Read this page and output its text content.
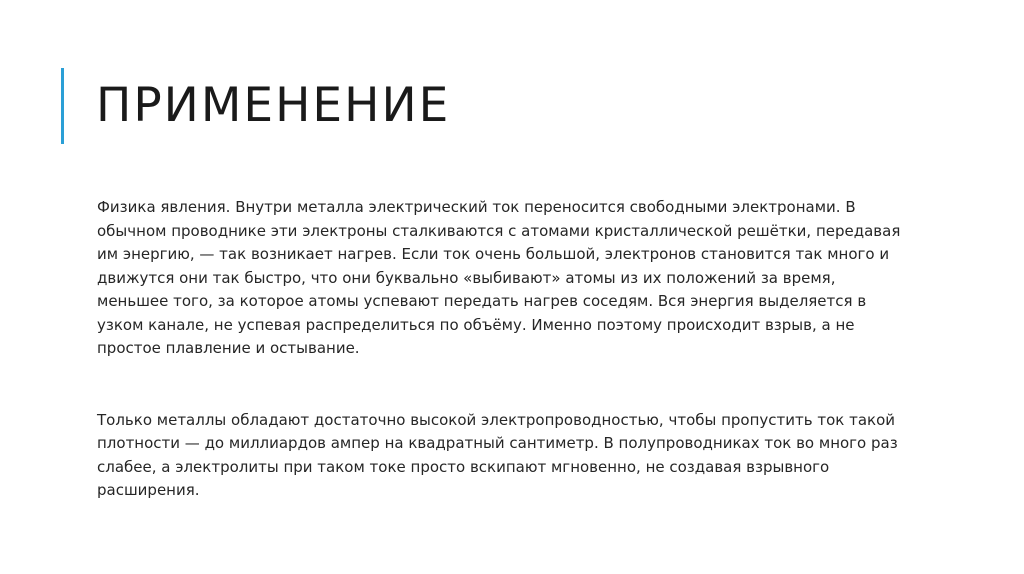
ПРИМЕНЕНИЕ

Физика явления. Внутри металла электрический ток переносится свободными электронами. В обычном проводнике эти электроны сталкиваются с атомами кристаллической решётки, передавая им энергию, — так возникает нагрев. Если ток очень большой, электронов становится так много и движутся они так быстро, что они буквально «выбивают» атомы из их положений за время, меньшее того, за которое атомы успевают передать нагрев соседям. Вся энергия выделяется в узком канале, не успевая распределиться по объёму. Именно поэтому происходит взрыв, а не простое плавление и остывание.

Только металлы обладают достаточно высокой электропроводностью, чтобы пропустить ток такой плотности — до миллиардов ампер на квадратный сантиметр. В полупроводниках ток во много раз слабее, а электролиты при таком токе просто вскипают мгновенно, не создавая взрывного расширения.
